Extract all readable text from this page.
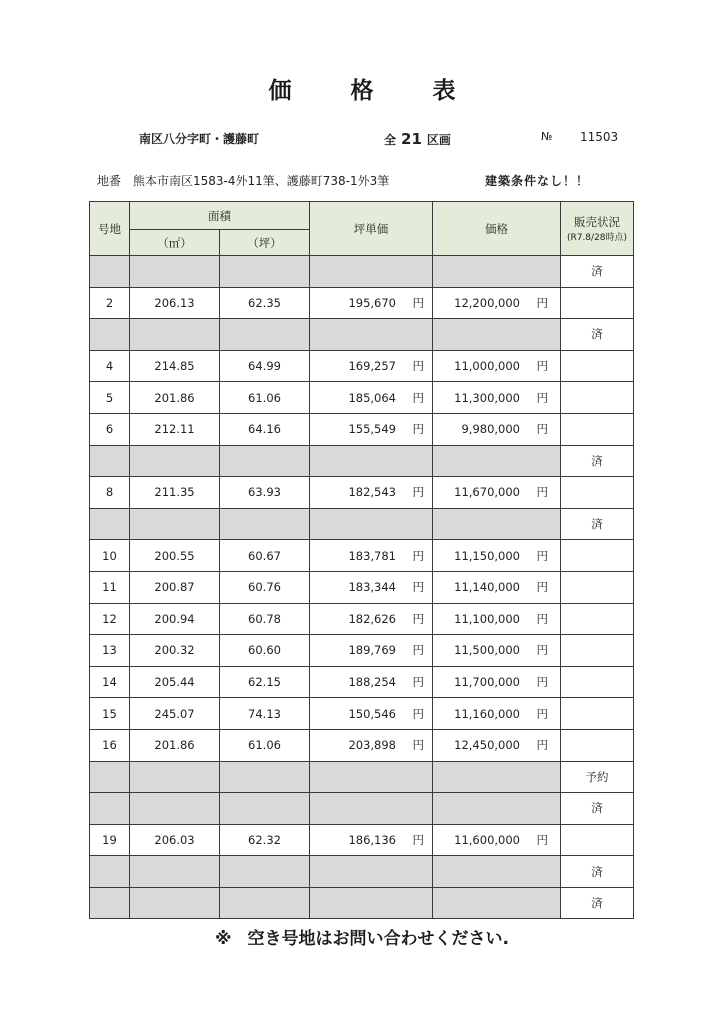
価　格　表
南区八分字町・護藤町	全 21 区画	№ 11503
地番 熊本市南区1583-4外11筆、護藤町738-1外3筆	建築条件なし！！
号地	面積		坪単価	価格	販売状況
(R7.8/28時点)

	（㎡）	（坪）			
					済
2	206.13	62.35	195,670 円	12,200,000 円	

					済
4	214.85	64.99	169,257 円	11,000,000 円	

5	201.86	61.06	185,064 円	11,300,000 円	

6	212.11	64.16	155,549 円	9,980,000 円	

					済
8	211.35	63.93	182,543 円	11,670,000 円	

					済
10	200.55	60.67	183,781 円	11,150,000 円	

11	200.87	60.76	183,344 円	11,140,000 円	

12	200.94	60.78	182,626 円	11,100,000 円	

13	200.32	60.60	189,769 円	11,500,000 円	

14	205.44	62.15	188,254 円	11,700,000 円	

15	245.07	74.13	150,546 円	11,160,000 円	

16	201.86	61.06	203,898 円	12,450,000 円	

					予約
					済
19	206.03	62.32	186,136 円	11,600,000 円	

					済
					済
※ 空き号地はお問い合わせください.
